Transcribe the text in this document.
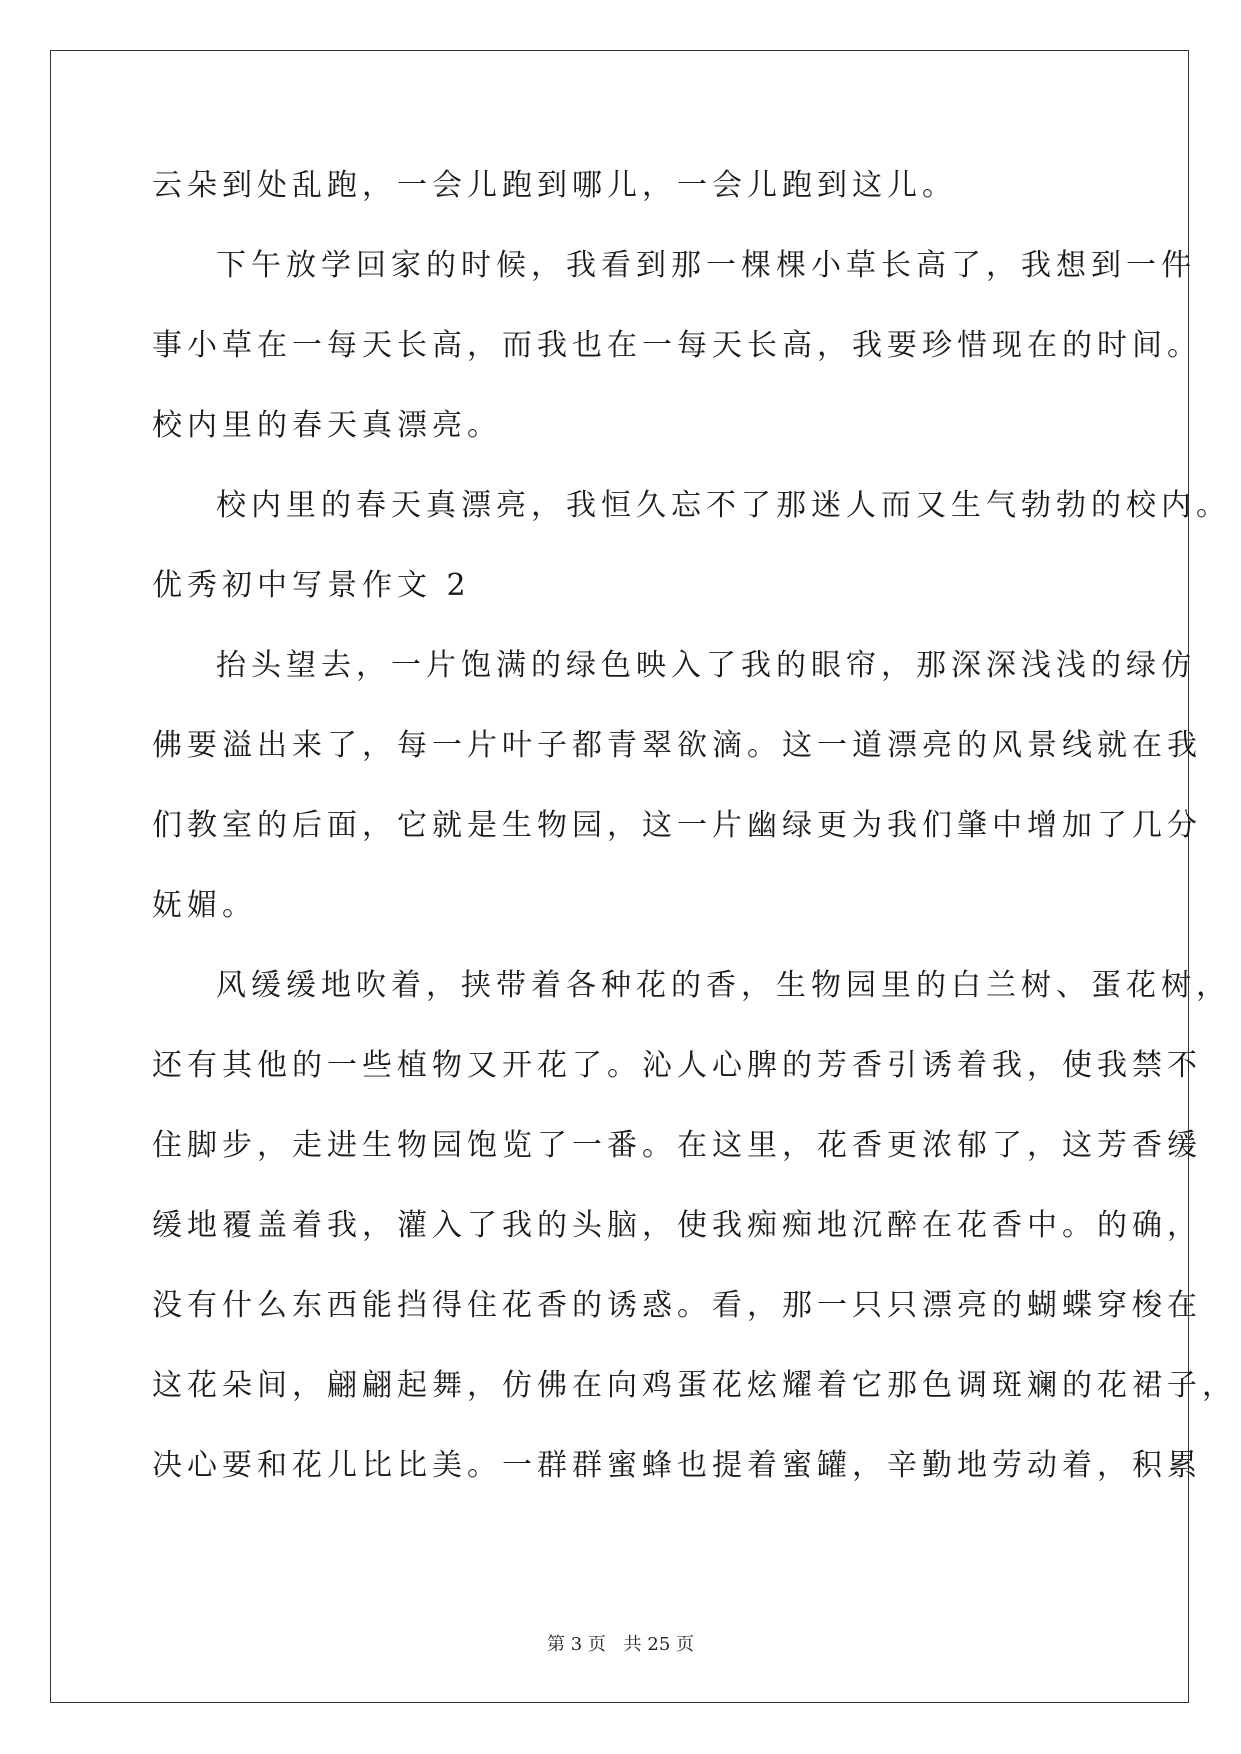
云朵到处乱跑，一会儿跑到哪儿，一会儿跑到这儿。
下午放学回家的时候，我看到那一棵棵小草长高了，我想到一件
事小草在一每天长高，而我也在一每天长高，我要珍惜现在的时间。
校内里的春天真漂亮。
校内里的春天真漂亮，我恒久忘不了那迷人而又生气勃勃的校内。
优秀初中写景作文 2
抬头望去，一片饱满的绿色映入了我的眼帘，那深深浅浅的绿仿
佛要溢出来了，每一片叶子都青翠欲滴。这一道漂亮的风景线就在我
们教室的后面，它就是生物园，这一片幽绿更为我们肇中增加了几分
妩媚。
风缓缓地吹着，挟带着各种花的香，生物园里的白兰树、蛋花树，
还有其他的一些植物又开花了。沁人心脾的芳香引诱着我，使我禁不
住脚步，走进生物园饱览了一番。在这里，花香更浓郁了，这芳香缓
缓地覆盖着我，灌入了我的头脑，使我痴痴地沉醉在花香中。的确，
没有什么东西能挡得住花香的诱惑。看，那一只只漂亮的蝴蝶穿梭在
这花朵间，翩翩起舞，仿佛在向鸡蛋花炫耀着它那色调斑斓的花裙子，
决心要和花儿比比美。一群群蜜蜂也提着蜜罐，辛勤地劳动着，积累
第 3 页 共 25 页
